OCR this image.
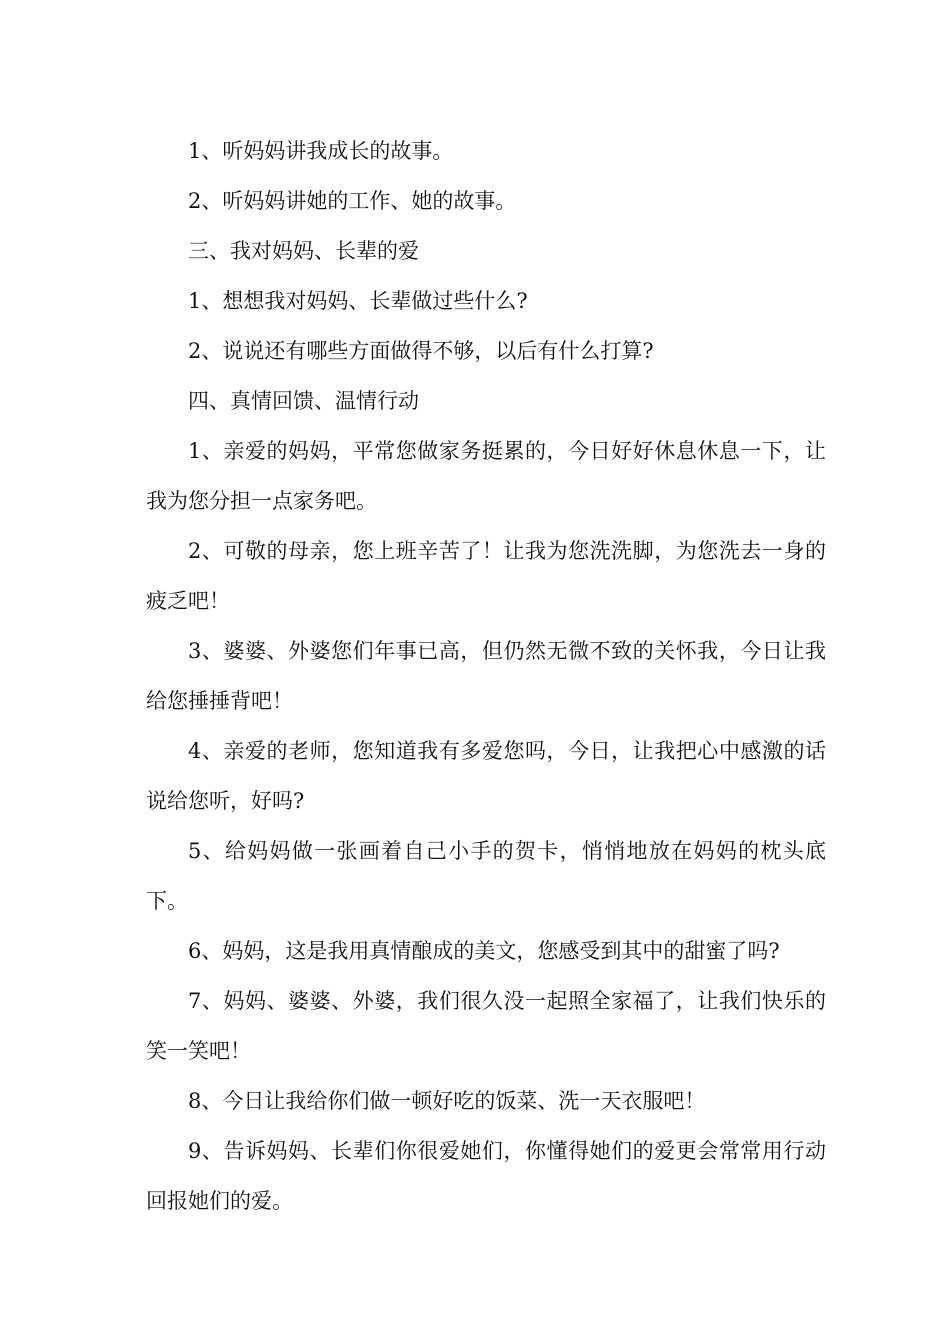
1、听妈妈讲我成长的故事。

2、听妈妈讲她的工作、她的故事。

三、我对妈妈、长辈的爱

1、想想我对妈妈、长辈做过些什么?

2、说说还有哪些方面做得不够，以后有什么打算?

四、真情回馈、温情行动

1、亲爱的妈妈，平常您做家务挺累的，今日好好休息休息一下，让我为您分担一点家务吧。

2、可敬的母亲，您上班辛苦了！让我为您洗洗脚，为您洗去一身的疲乏吧！

3、婆婆、外婆您们年事已高，但仍然无微不致的关怀我，今日让我给您捶捶背吧！

4、亲爱的老师，您知道我有多爱您吗，今日，让我把心中感激的话说给您听，好吗?

5、给妈妈做一张画着自己小手的贺卡，悄悄地放在妈妈的枕头底下。

6、妈妈，这是我用真情酿成的美文，您感受到其中的甜蜜了吗?

7、妈妈、婆婆、外婆，我们很久没一起照全家福了，让我们快乐的笑一笑吧！

8、今日让我给你们做一顿好吃的饭菜、洗一天衣服吧！

9、告诉妈妈、长辈们你很爱她们，你懂得她们的爱更会常常用行动回报她们的爱。
